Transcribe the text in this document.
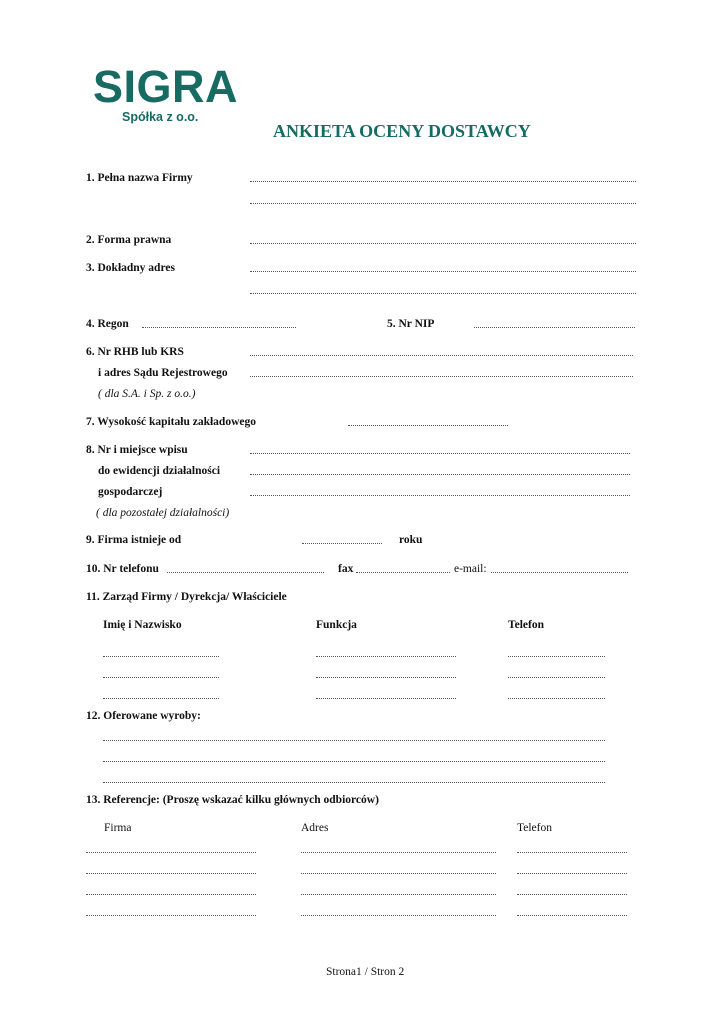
SIGRA
Spółka z o.o.
ANKIETA OCENY DOSTAWCY
1. Pełna nazwa Firmy
2. Forma prawna
3. Dokładny adres
4. Regon	5. Nr NIP
6. Nr RHB lub KRS
i adres Sądu Rejestrowego
( dla S.A. i Sp. z o.o.)
7. Wysokość kapitału zakładowego
8. Nr i miejsce wpisu
do ewidencji działalności
gospodarczej
( dla pozostałej działalności)
9. Firma istnieje od	roku
10. Nr telefonu	fax	e-mail:
11. Zarząd Firmy / Dyrekcja/ Właściciele
Imię i Nazwisko	Funkcja	Telefon
12. Oferowane wyroby:
13. Referencje: (Proszę wskazać kilku głównych odbiorców)
Firma	Adres	Telefon
Strona1 / Stron 2
